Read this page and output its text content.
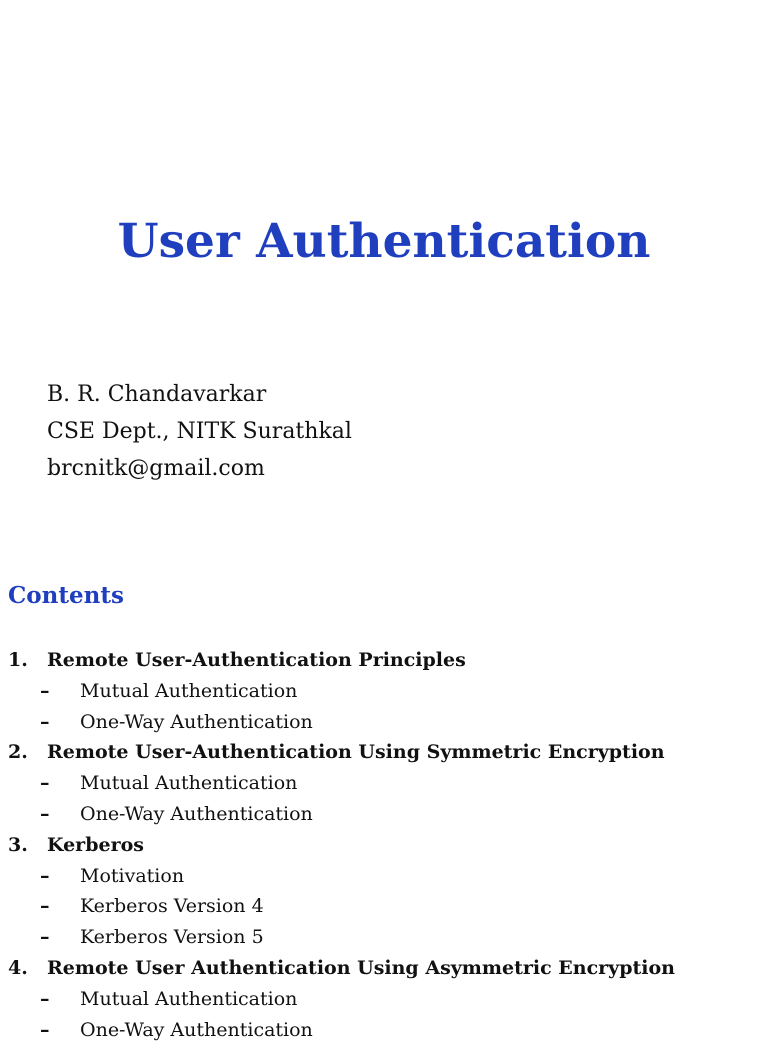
User Authentication
B. R. Chandavarkar
CSE Dept., NITK Surathkal
brcnitk@gmail.com
Contents
1.	Remote User-Authentication Principles
– Mutual Authentication
– One-Way Authentication
2.	Remote User-Authentication Using Symmetric Encryption
– Mutual Authentication
– One-Way Authentication
3.	Kerberos
– Motivation
– Kerberos Version 4
– Kerberos Version 5
4.	Remote User Authentication Using Asymmetric Encryption
– Mutual Authentication
– One-Way Authentication
